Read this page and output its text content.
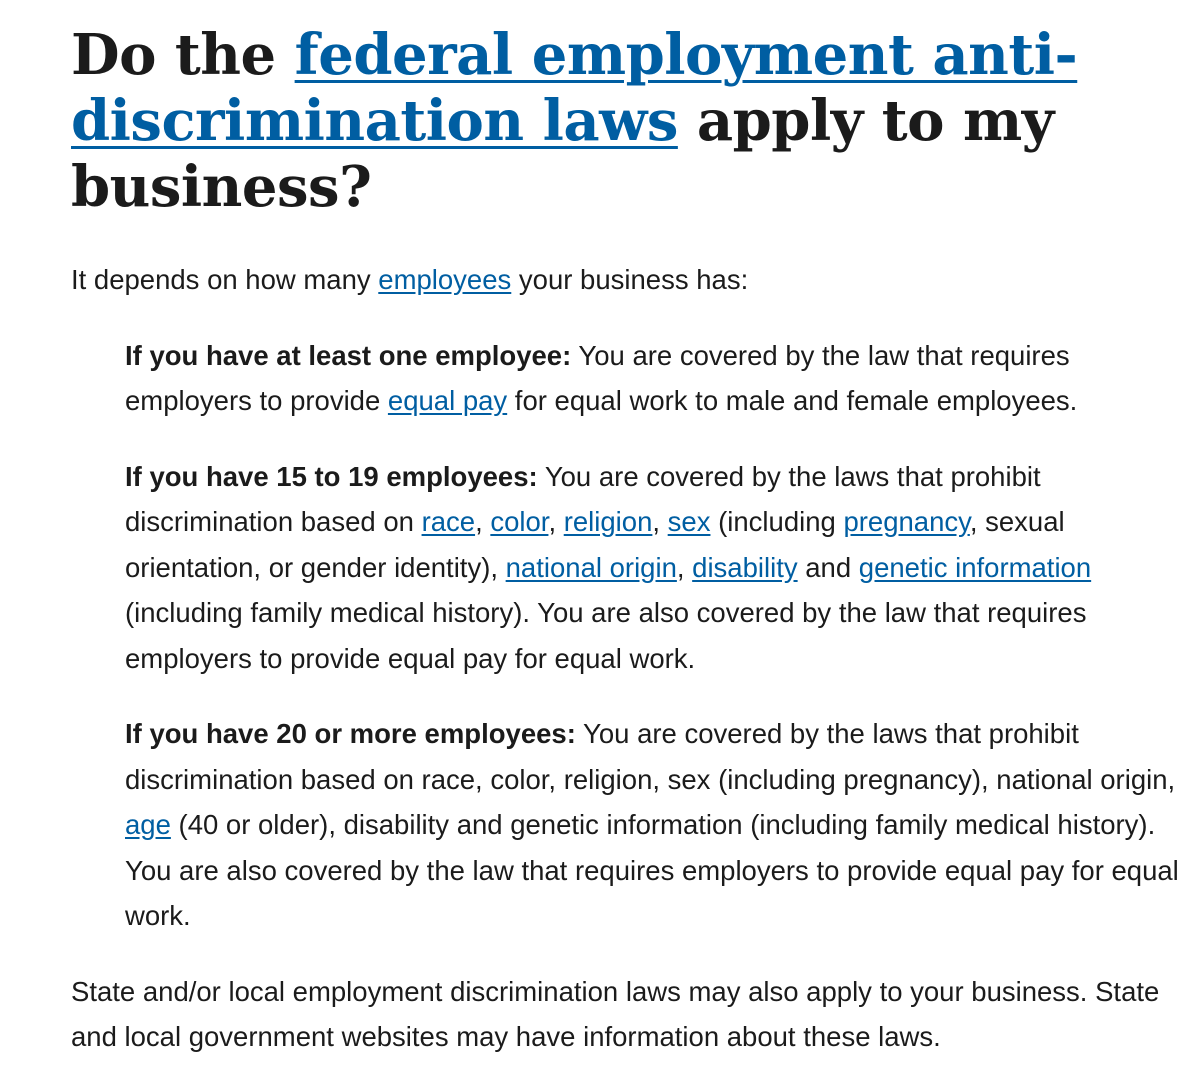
Do the federal employment anti-discrimination laws apply to my business?

It depends on how many employees your business has:

If you have at least one employee: You are covered by the law that requires employers to provide equal pay for equal work to male and female employees.

If you have 15 to 19 employees: You are covered by the laws that prohibit discrimination based on race, color, religion, sex (including pregnancy, sexual orientation, or gender identity), national origin, disability and genetic information (including family medical history). You are also covered by the law that requires employers to provide equal pay for equal work.

If you have 20 or more employees: You are covered by the laws that prohibit discrimination based on race, color, religion, sex (including pregnancy), national origin, age (40 or older), disability and genetic information (including family medical history). You are also covered by the law that requires employers to provide equal pay for equal work.

State and/or local employment discrimination laws may also apply to your business. State and local government websites may have information about these laws.
